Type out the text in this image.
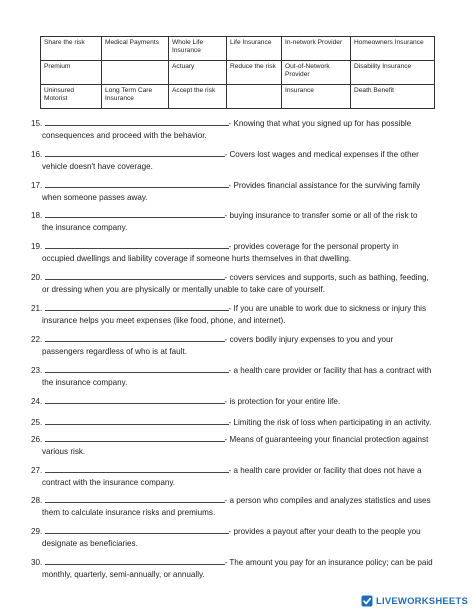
Share the risk	Medical Payments	Whole Life Insurance	Life Insurance	In-network Provider	Homeowners Insurance
Premium		Actuary	Reduce the risk	Out-of-Network Provider	Disability Insurance
Uninsured Motorist	Long Term Care Insurance	Accept the risk		Insurance	Death Benefit
15.	- Knowing that what you signed up for has possible
consequences and proceed with the behavior.
16.	- Covers lost wages and medical expenses if the other
vehicle doesn't have coverage.
17.	- Provides financial assistance for the surviving family
when someone passes away.
18.	- buying insurance to transfer some or all of the risk to
the insurance company.
19.	- provides coverage for the personal property in
occupied dwellings and liability coverage if someone hurts themselves in that dwelling.
20.	- covers services and supports, such as bathing, feeding,
or dressing when you are physically or mentally unable to take care of yourself.
21.	- If you are unable to work due to sickness or injury this
insurance helps you meet expenses (like food, phone, and internet).
22.	- covers bodily injury expenses to you and your
passengers regardless of who is at fault.
23.	- a health care provider or facility that has a contract with
the insurance company.
24.	- is protection for your entire life.
25.	- Limiting the risk of loss when participating in an activity.
26.	- Means of guaranteeing your financial protection against
various risk.
27.	- a health care provider or facility that does not have a
contract with the insurance company.
28.	- a person who compiles and analyzes statistics and uses
them to calculate insurance risks and premiums.
29.	- provides a payout after your death to the people you
designate as beneficiaries.
30.	- The amount you pay for an insurance policy; can be paid
monthly, quarterly, semi-annually, or annually.
LIVEWORKSHEETS
